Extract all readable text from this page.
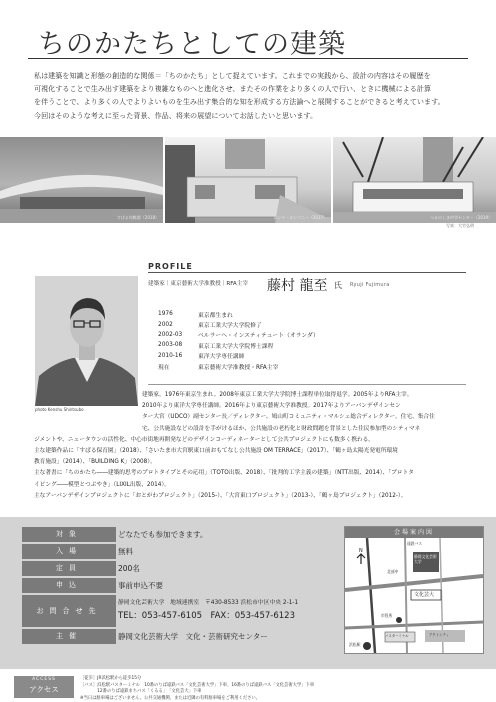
ちのかたちとしての建築
私は建築を知識と形態の創造的な関係＝「ちのかたち」として捉えています。これまでの実践から、設計の内容はその履歴を
可視化することで生み出す建築をより複雑なものへと進化させ、またその作業をより多くの人で行い、ときに機械による計算
を伴うことで、より多くの人でよりよいものを生み出す集合的な知を形成する方法論へと展開することができると考えています。
今回はそのような考えに至った背景、作品、将来の展望についてお話したいと思います。
すばる幼稚園（2018）	ヨシヤ・カンパニー（2017）	つるのしま中学センター（2019）
写真：大竹弘明
photo Kenshu Shintsubo
PROFILE
建築家｜東京藝術大学准教授｜RFA主宰 藤村 龍至 氏 Ryuji Fujimura
1976	東京都生まれ
2002	東京工業大学大学院修了
2002-03	ベルラーヘ・インスティテュート（オランダ）
2003-08	東京工業大学大学院博士課程
2010-16	東洋大学専任講師
現在	東京藝術大学准教授・RFA主宰

建築家。1976年東京生まれ。2008年東京工業大学大学院博士課程単位取得退学。2005年よりRFA主宰。

2010年より東洋大学専任講師。2016年より東京藝術大学准教授。2017年よりアーバンデザインセン

ター大宮（UDCO）副センター長／ディレクター、鳩山町コミュニティ・マルシェ総合ディレクター。住宅、集合住

宅、公共施設などの設計を手がけるほか、公共施設の老朽化と財政問題を背景とした住民参加型のシティマネ

ジメントや、ニュータウンの活性化、中心市街地再開発などのデザインコーディネーターとして公共プロジェクトにも数多く携わる。

主な建築作品に「すばる保育園」（2018）、「さいたま市大宮駅東口前おもてなし公共施設 OM TERRACE」（2017）、「鶴ヶ島太陽光発電所環境

教育施設」（2014）、「BUILDING K」（2008）。

主な著書に「ちのかたち――建築的思考のプロトタイプとその応用」（TOTO出版、2018）、「批判的工学主義の建築」（NTT出版、2014）、「プロトタ

イピング――模型とつぶやき」（LIXIL出版、2014）。

主なアーバンデザインプロジェクトに「おとがわプロジェクト」（2015-）、「大宮東口プロジェクト」（2013-）、「鶴ヶ島プロジェクト」（2012-）。

対象	どなたでも参加できます。
入場	無料
定員	200名
申込	事前申込不要
お問合せ先
静岡文化芸術大学　地域連携室　〒430-8533 浜松市中区中央 2-1-1
TEL：053-457-6105　FAX：053-457-6123
主催	静岡文化芸術大学　文化・芸術研究センター
会場案内図
N
遠鉄バス
北部中
静岡文化芸術大学
文化芸大
市役所
バスターミナル	アクトシティ
浜松駅
ACCESS
アクセス
［徒歩］JR浜松駅から徒歩15分
［バス］浜松駅バスターミナル　10番のりば遠鉄バス「文化芸術大学」下車、16番のりば遠鉄バス「文化芸術大学」下車
　　　　12番のりば遠鉄まちバス「くるる」　「文化芸大」下車
※当日は駐車場はございません。公共交通機関、または近隣の有料駐車場をご利用ください。
